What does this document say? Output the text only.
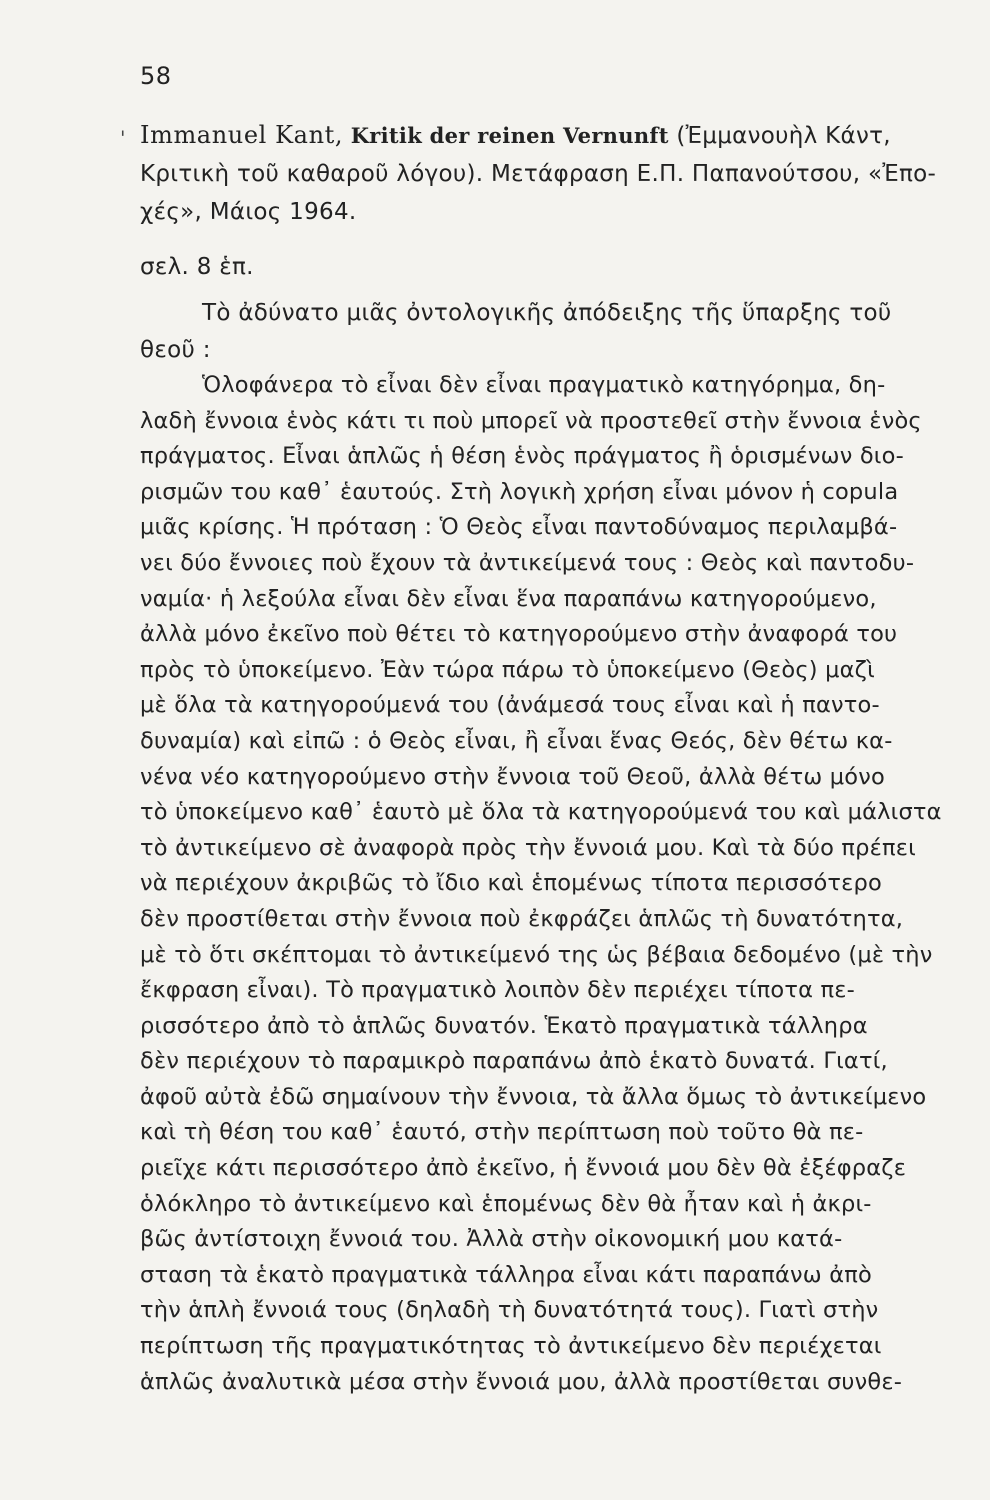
58
' Immanuel Kant, Kritik der reinen Vernunft (Ἐμμανουὴλ Κάντ,
Κριτικὴ τοῦ καθαροῦ λόγου). Μετάφραση Ε.Π. Παπανούτσου, «Ἐπο-
χές», Μάιος 1964.
σελ. 8 ἑπ.
Τὸ ἀδύνατο μιᾶς ὀντολογικῆς ἀπόδειξης τῆς ὕπαρξης τοῦ
θεοῦ :
Ὁλοφάνερα τὸ εἶναι δὲν εἶναι πραγματικὸ κατηγόρημα, δη-
λαδὴ ἔννοια ἑνὸς κάτι τι ποὺ μπορεῖ νὰ προστεθεῖ στὴν ἔννοια ἑνὸς
πράγματος. Εἶναι ἁπλῶς ἡ θέση ἑνὸς πράγματος ἢ ὁρισμένων διο-
ρισμῶν του καθ᾽ ἑαυτούς. Στὴ λογικὴ χρήση εἶναι μόνον ἡ copula
μιᾶς κρίσης. Ἡ πρόταση : Ὁ Θεὸς εἶναι παντοδύναμος περιλαμβά-
νει δύο ἔννοιες ποὺ ἔχουν τὰ ἀντικείμενά τους : Θεὸς καὶ παντοδυ-
ναμία· ἡ λεξούλα εἶναι δὲν εἶναι ἕνα παραπάνω κατηγορούμενο,
ἀλλὰ μόνο ἐκεῖνο ποὺ θέτει τὸ κατηγορούμενο στὴν ἀναφορά του
πρὸς τὸ ὑποκείμενο. Ἐὰν τώρα πάρω τὸ ὑποκείμενο (Θεὸς) μαζὶ
μὲ ὅλα τὰ κατηγορούμενά του (ἀνάμεσά τους εἶναι καὶ ἡ παντο-
δυναμία) καὶ εἰπῶ : ὁ Θεὸς εἶναι, ἢ εἶναι ἕνας Θεός, δὲν θέτω κα-
νένα νέο κατηγορούμενο στὴν ἔννοια τοῦ Θεοῦ, ἀλλὰ θέτω μόνο
τὸ ὑποκείμενο καθ᾽ ἑαυτὸ μὲ ὅλα τὰ κατηγορούμενά του καὶ μάλιστα
τὸ ἀντικείμενο σὲ ἀναφορὰ πρὸς τὴν ἔννοιά μου. Καὶ τὰ δύο πρέπει
νὰ περιέχουν ἀκριβῶς τὸ ἴδιο καὶ ἑπομένως τίποτα περισσότερο
δὲν προστίθεται στὴν ἔννοια ποὺ ἐκφράζει ἁπλῶς τὴ δυνατότητα,
μὲ τὸ ὅτι σκέπτομαι τὸ ἀντικείμενό της ὡς βέβαια δεδομένο (μὲ τὴν
ἔκφραση εἶναι). Τὸ πραγματικὸ λοιπὸν δὲν περιέχει τίποτα πε-
ρισσότερο ἀπὸ τὸ ἁπλῶς δυνατόν. Ἑκατὸ πραγματικὰ τάλληρα
δὲν περιέχουν τὸ παραμικρὸ παραπάνω ἀπὸ ἑκατὸ δυνατά. Γιατί,
ἀφοῦ αὐτὰ ἐδῶ σημαίνουν τὴν ἔννοια, τὰ ἄλλα ὅμως τὸ ἀντικείμενο
καὶ τὴ θέση του καθ᾽ ἑαυτό, στὴν περίπτωση ποὺ τοῦτο θὰ πε-
ριεῖχε κάτι περισσότερο ἀπὸ ἐκεῖνο, ἡ ἔννοιά μου δὲν θὰ ἐξέφραζε
ὁλόκληρο τὸ ἀντικείμενο καὶ ἑπομένως δὲν θὰ ἦταν καὶ ἡ ἀκρι-
βῶς ἀντίστοιχη ἔννοιά του. Ἀλλὰ στὴν οἰκονομική μου κατά-
σταση τὰ ἑκατὸ πραγματικὰ τάλληρα εἶναι κάτι παραπάνω ἀπὸ
τὴν ἁπλὴ ἔννοιά τους (δηλαδὴ τὴ δυνατότητά τους). Γιατὶ στὴν
περίπτωση τῆς πραγματικότητας τὸ ἀντικείμενο δὲν περιέχεται
ἁπλῶς ἀναλυτικὰ μέσα στὴν ἔννοιά μου, ἀλλὰ προστίθεται συνθε-
